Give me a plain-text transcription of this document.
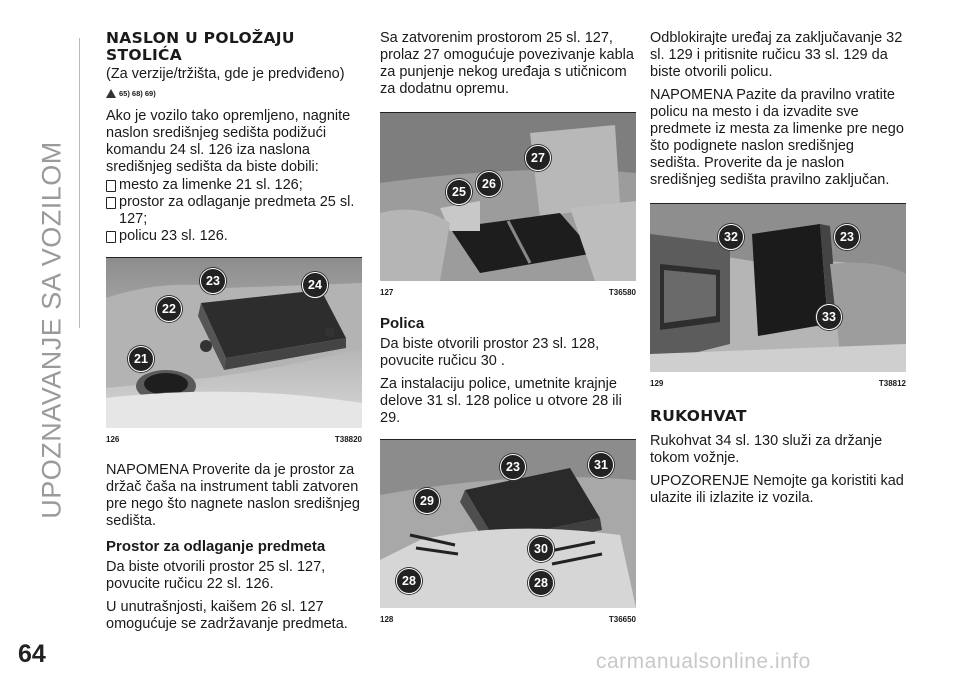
UPOZNAVANJE SA VOZILOM
NASLON U POLOŽAJU
STOLIĆA

(Za verzije/tržišta, gde je predviđeno)

65) 68) 69)

Ako je vozilo tako opremljeno, nagnite naslon središnjeg sedišta podižući komandu 24 sl. 126 iza naslona središnjeg sedišta da biste dobili:

mesto za limenke 21 sl. 126;
prostor za odlaganje predmeta 25 sl. 127;
policu 23 sl. 126.
23	24
22
21
126	T38820

NAPOMENA Proverite da je prostor za držač čaša na instrument tabli zatvoren pre nego što nagnete naslon središnjeg sedišta.

Prostor za odlaganje predmeta

Da biste otvorili prostor 25 sl. 127, povucite ručicu 22 sl. 126.

U unutrašnjosti, kaišem 26 sl. 127 omogućuje se zadržavanje predmeta.

Sa zatvorenim prostorom 25 sl. 127, prolaz 27 omogućuje povezivanje kabla za punjenje nekog uređaja s utičnicom za dodatnu opremu.

27
26
25
127	T36580
Polica

Da biste otvorili prostor 23 sl. 128, povucite ručicu 30 .

Za instalaciju police, umetnite krajnje delove 31 sl. 128 police u otvore 28 ili 29.

23	31
29
30
28	28
128	T36650

Odblokirajte uređaj za zaključavanje 32 sl. 129 i pritisnite ručicu 33 sl. 129 da biste otvorili policu.

NAPOMENA Pazite da pravilno vratite policu na mesto i da izvadite sve predmete iz mesta za limenke pre nego što podignete naslon središnjeg sedišta. Proverite da je naslon središnjeg sedišta pravilno zaključan.

32	23
33
129	T38812
RUKOHVAT

Rukohvat 34 sl. 130 služi za držanje tokom vožnje.

UPOZORENJE Nemojte ga koristiti kad ulazite ili izlazite iz vozila.

64	carmanualsonline.info
